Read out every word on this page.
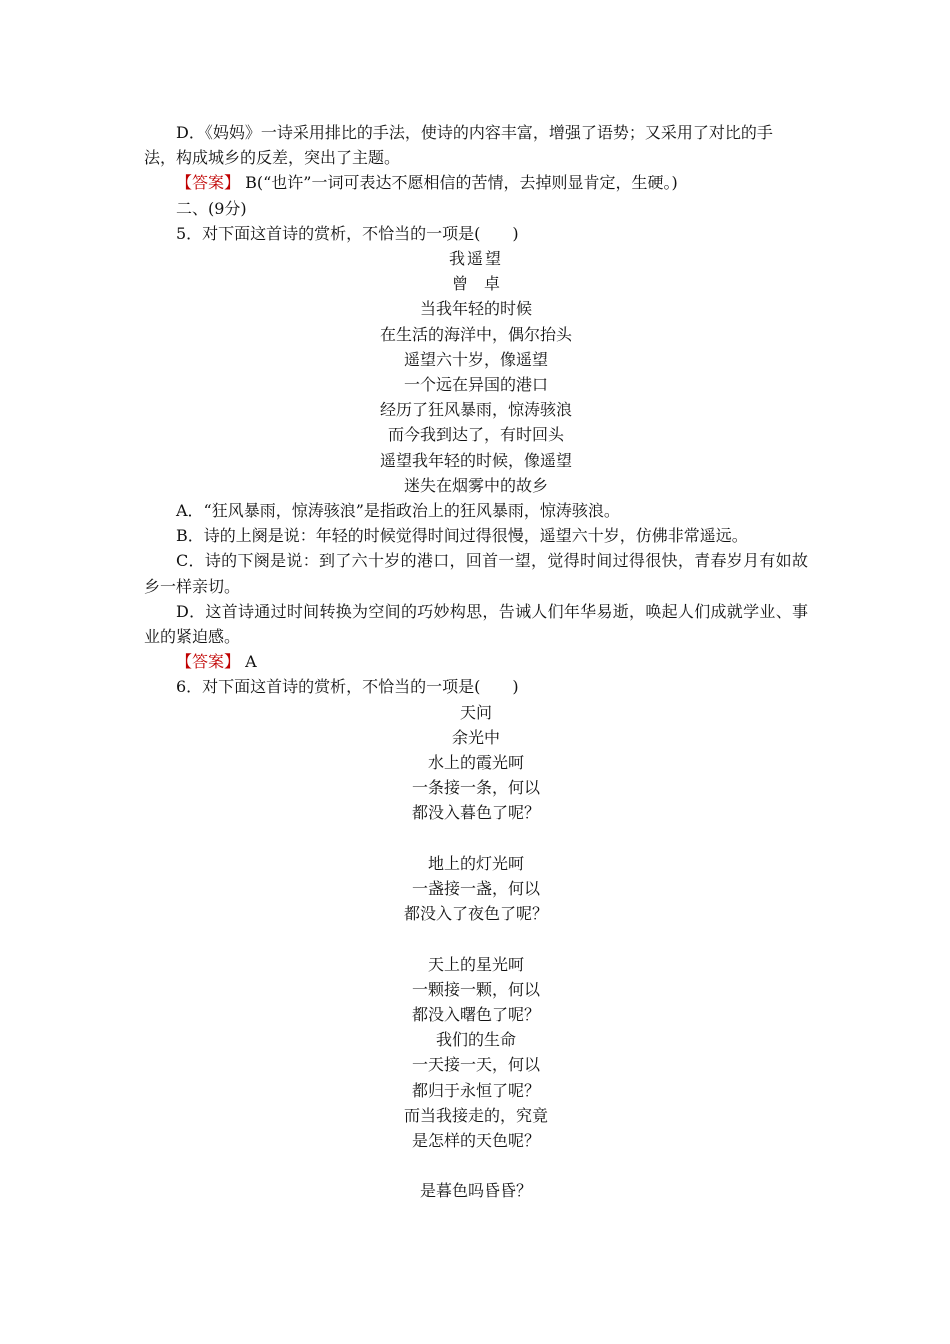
D．《妈妈》一诗采用排比的手法，使诗的内容丰富，增强了语势；又采用了对比的手
法，构成城乡的反差，突出了主题。
【答案】 B(“也许”一词可表达不愿相信的苦情，去掉则显肯定，生硬。)
二、(9分)
5．对下面这首诗的赏析，不恰当的一项是(　　)
我遥望
曾　卓
当我年轻的时候
在生活的海洋中，偶尔抬头
遥望六十岁，像遥望
一个远在异国的港口
经历了狂风暴雨，惊涛骇浪
而今我到达了，有时回头
遥望我年轻的时候，像遥望
迷失在烟雾中的故乡
A．“狂风暴雨，惊涛骇浪”是指政治上的狂风暴雨，惊涛骇浪。
B．诗的上阕是说：年轻的时候觉得时间过得很慢，遥望六十岁，仿佛非常遥远。
C．诗的下阕是说：到了六十岁的港口，回首一望，觉得时间过得很快，青春岁月有如故乡一样亲切。
D．这首诗通过时间转换为空间的巧妙构思，告诫人们年华易逝，唤起人们成就学业、事业的紧迫感。
【答案】 A
6．对下面这首诗的赏析，不恰当的一项是(　　)
天问
余光中
水上的霞光呵
一条接一条，何以
都没入暮色了呢？
地上的灯光呵
一盏接一盏，何以
都没入了夜色了呢？
天上的星光呵
一颗接一颗，何以
都没入曙色了呢？
我们的生命
一天接一天，何以
都归于永恒了呢？
而当我接走的，究竟
是怎样的天色呢？
是暮色吗昏昏？
